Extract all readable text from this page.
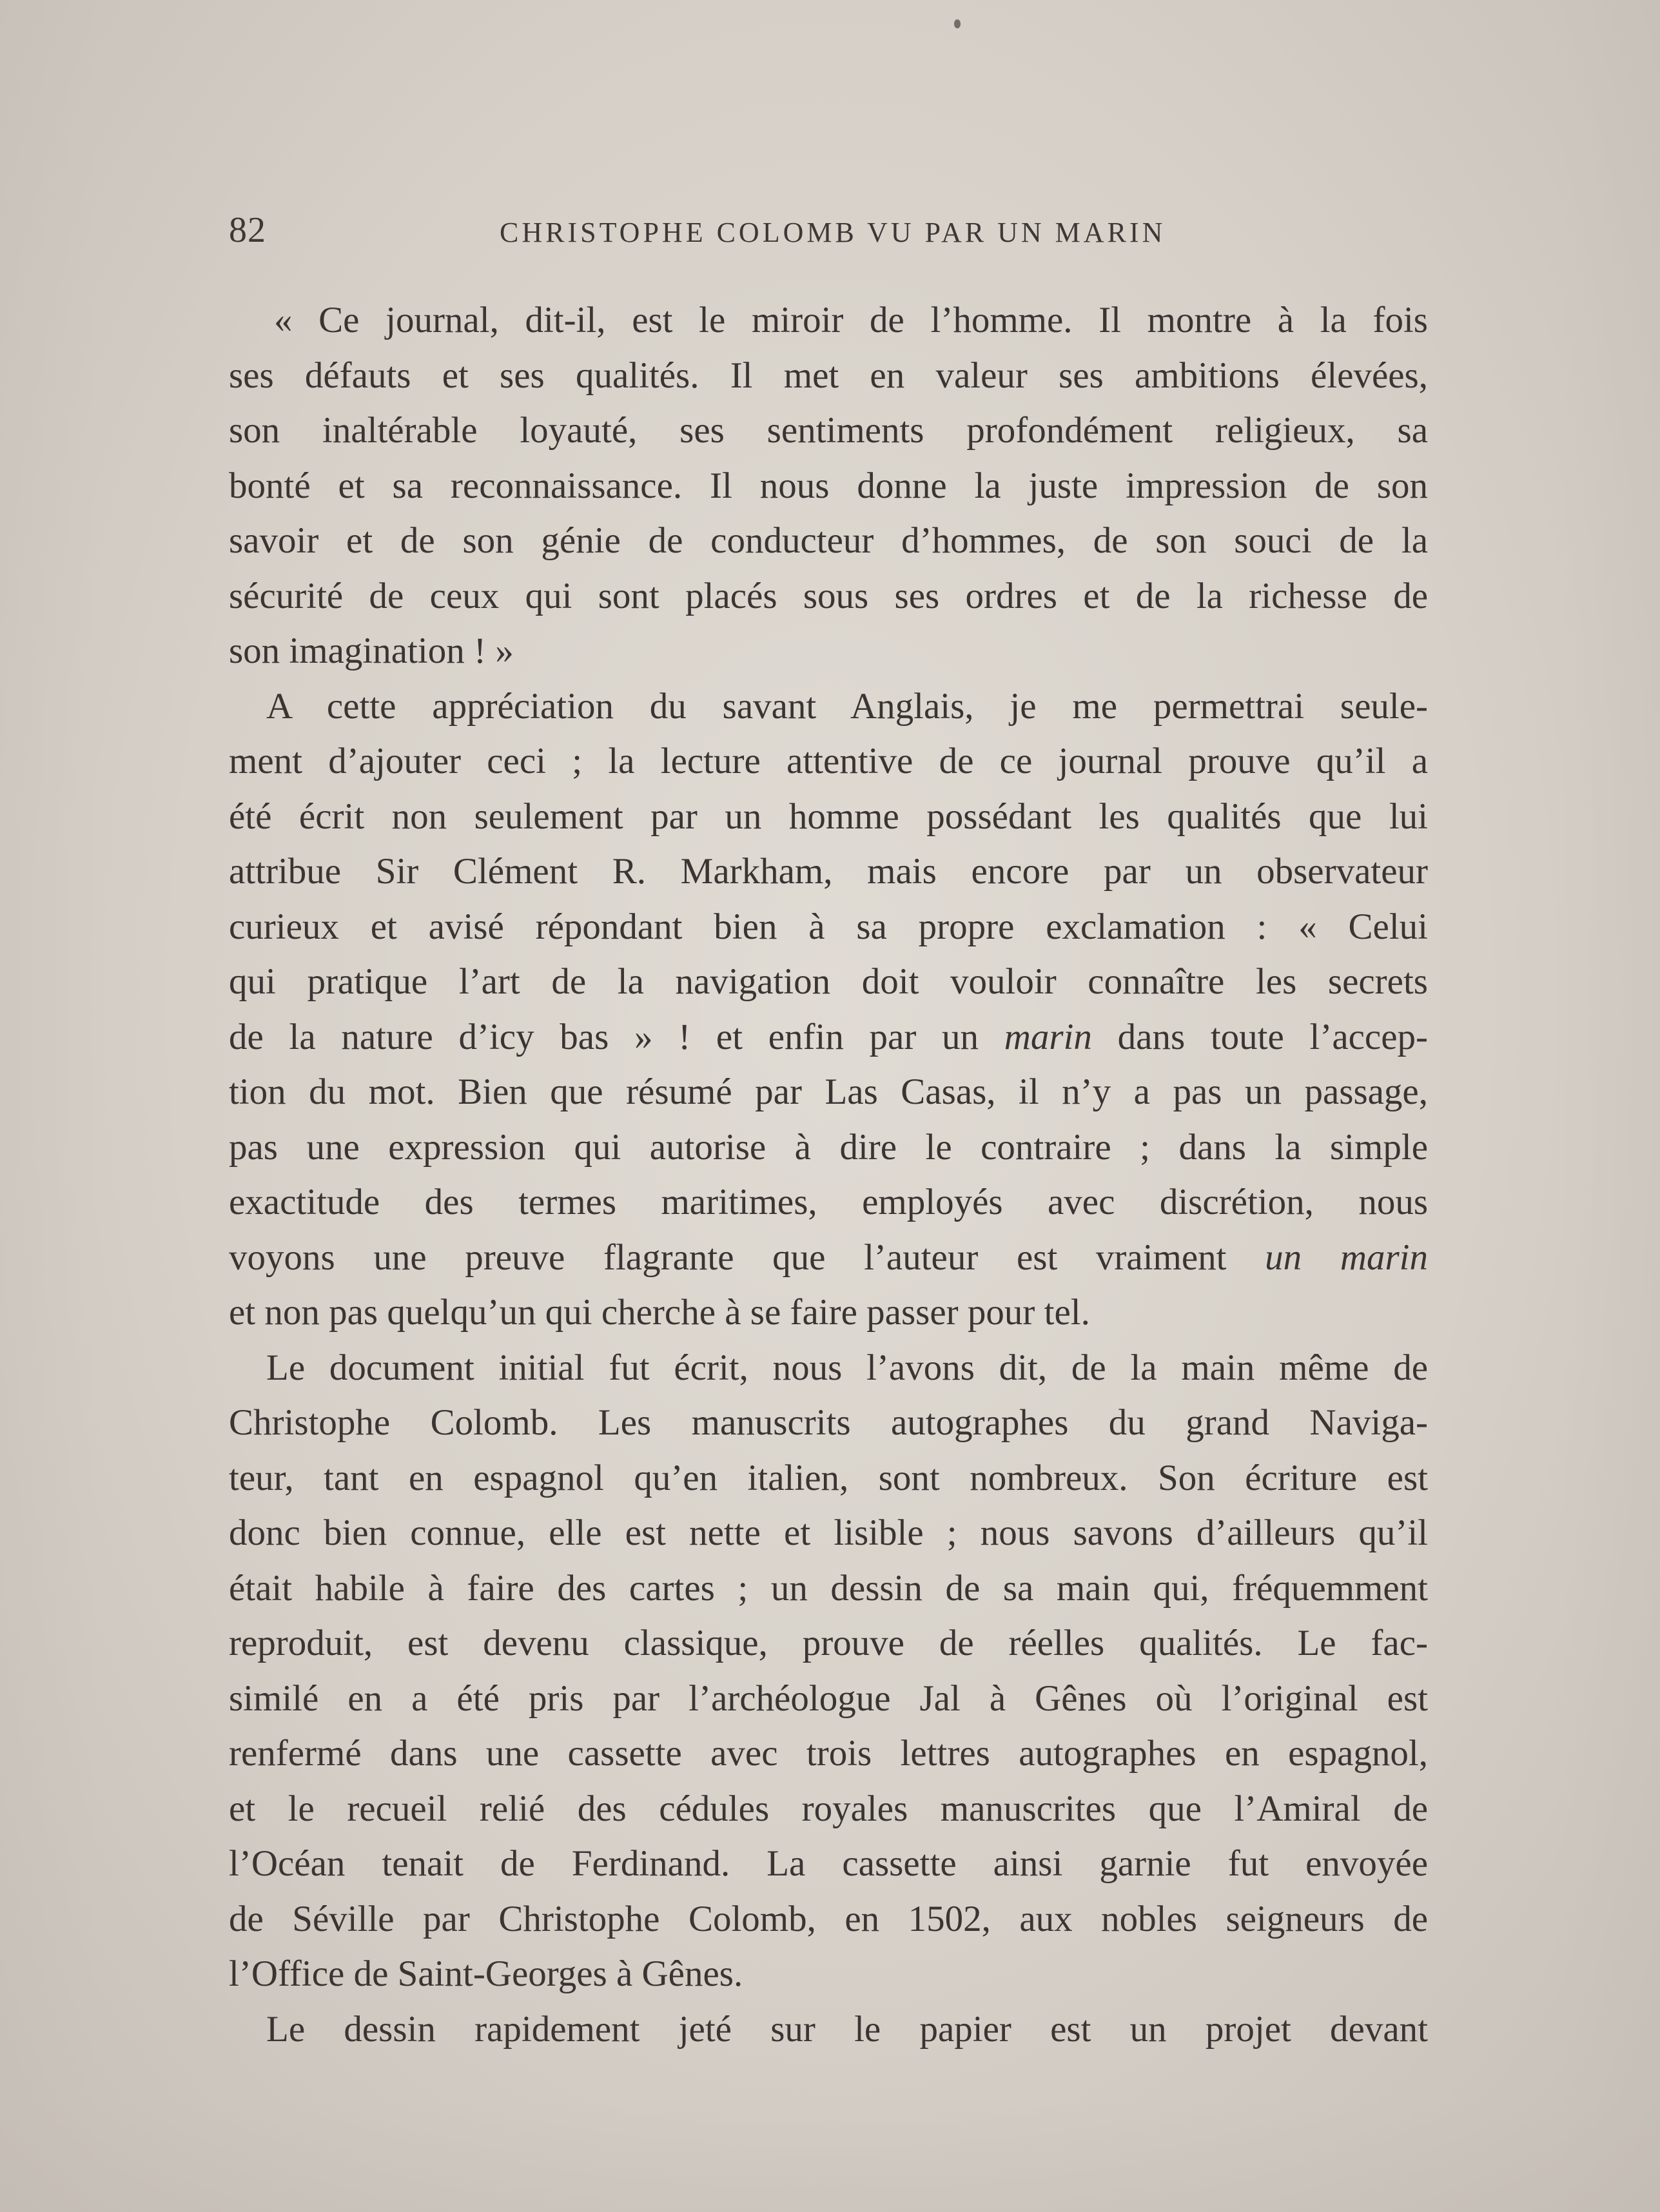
82	CHRISTOPHE COLOMB VU PAR UN MARIN
« Ce journal, dit-il, est le miroir de l’homme. Il montre à la fois
ses défauts et ses qualités. Il met en valeur ses ambitions élevées,
son inaltérable loyauté, ses sentiments profondément religieux, sa
bonté et sa reconnaissance. Il nous donne la juste impression de son
savoir et de son génie de conducteur d’hommes, de son souci de la
sécurité de ceux qui sont placés sous ses ordres et de la richesse de
son imagination ! »
A cette appréciation du savant Anglais, je me permettrai seule-
ment d’ajouter ceci ; la lecture attentive de ce journal prouve qu’il a
été écrit non seulement par un homme possédant les qualités que lui
attribue Sir Clément R. Markham, mais encore par un observateur
curieux et avisé répondant bien à sa propre exclamation : « Celui
qui pratique l’art de la navigation doit vouloir connaître les secrets
de la nature d’icy bas » ! et enfin par un marin dans toute l’accep-
tion du mot. Bien que résumé par Las Casas, il n’y a pas un passage,
pas une expression qui autorise à dire le contraire ; dans la simple
exactitude des termes maritimes, employés avec discrétion, nous
voyons une preuve flagrante que l’auteur est vraiment un marin
et non pas quelqu’un qui cherche à se faire passer pour tel.
Le document initial fut écrit, nous l’avons dit, de la main même de
Christophe Colomb. Les manuscrits autographes du grand Naviga-
teur, tant en espagnol qu’en italien, sont nombreux. Son écriture est
donc bien connue, elle est nette et lisible ; nous savons d’ailleurs qu’il
était habile à faire des cartes ; un dessin de sa main qui, fréquemment
reproduit, est devenu classique, prouve de réelles qualités. Le fac-
similé en a été pris par l’archéologue Jal à Gênes où l’original est
renfermé dans une cassette avec trois lettres autographes en espagnol,
et le recueil relié des cédules royales manuscrites que l’Amiral de
l’Océan tenait de Ferdinand. La cassette ainsi garnie fut envoyée
de Séville par Christophe Colomb, en 1502, aux nobles seigneurs de
l’Office de Saint-Georges à Gênes.
Le dessin rapidement jeté sur le papier est un projet devant
